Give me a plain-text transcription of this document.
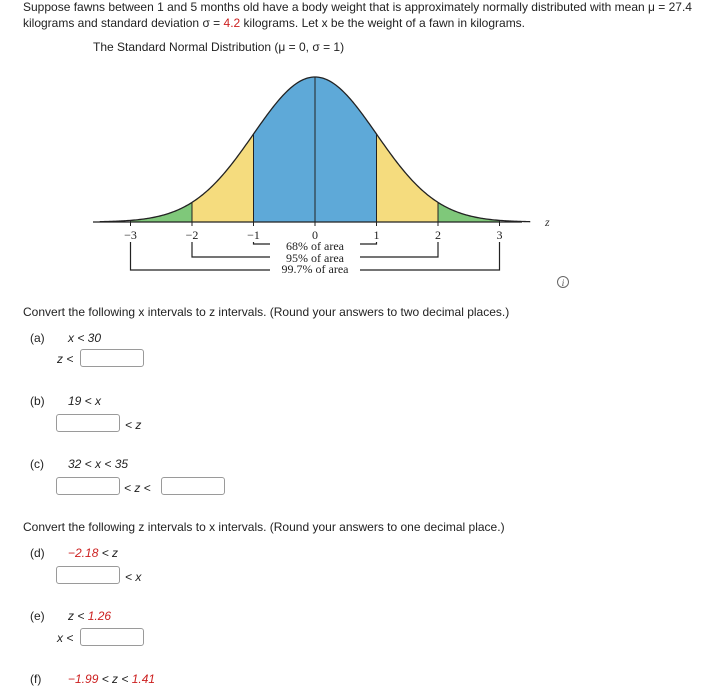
Suppose fawns between 1 and 5 months old have a body weight that is approximately normally distributed with mean μ = 27.4
kilograms and standard deviation σ = 4.2 kilograms. Let x be the weight of a fawn in kilograms.
The Standard Normal Distribution (μ = 0, σ = 1)
−3	−2	−1	0	1	2	3
68% of area
95% of area
99.7% of area
z
i
Convert the following x intervals to z intervals. (Round your answers to two decimal places.)
(a) x < 30
z <
(b) 19 < x
< z
(c) 32 < x < 35
< z <
Convert the following z intervals to x intervals. (Round your answers to one decimal place.)
(d) −2.18 < z
< x
(e) z < 1.26
x <
(f) −1.99 < z < 1.41
